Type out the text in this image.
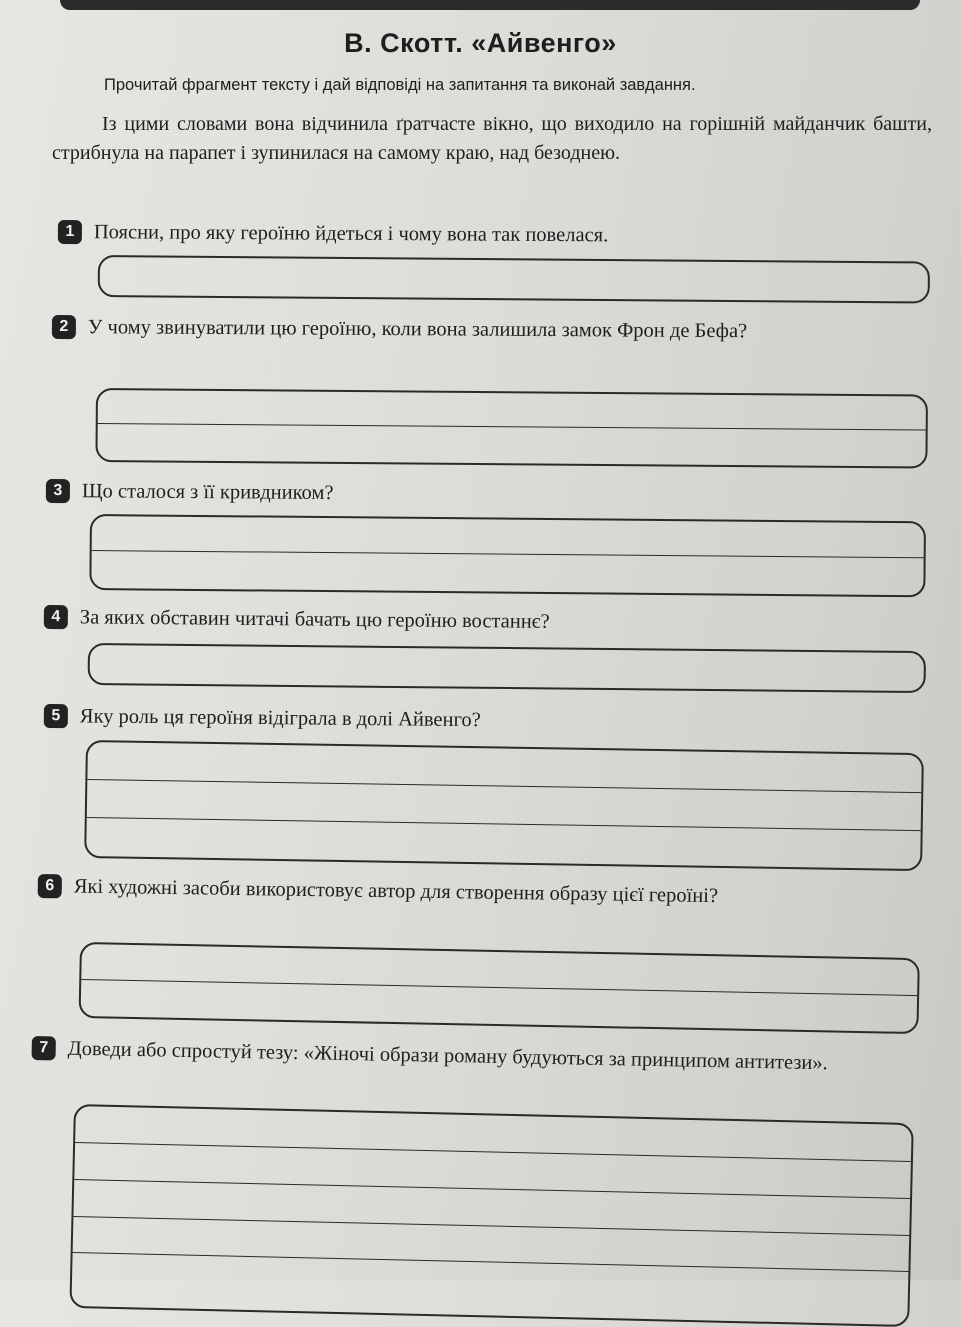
В. Скотт. «Айвенго»
Прочитай фрагмент тексту і дай відповіді на запитання та виконай завдання.
Із цими словами вона відчинила ґратчасте вікно, що виходило на горішній майданчик башти, стрибнула на парапет і зупинилася на самому краю, над безоднею.
1 Поясни, про яку героїню йдеться і чому вона так повелася.
2 У чому звинуватили цю героїню, коли вона залишила замок Фрон де Бефа?
3 Що сталося з її кривдником?
4 За яких обставин читачі бачать цю героїню востаннє?
5 Яку роль ця героїня відіграла в долі Айвенго?
6 Які художні засоби використовує автор для створення образу цієї героїні?
7 Доведи або спростуй тезу: «Жіночі образи роману будуються за принципом антитези».
